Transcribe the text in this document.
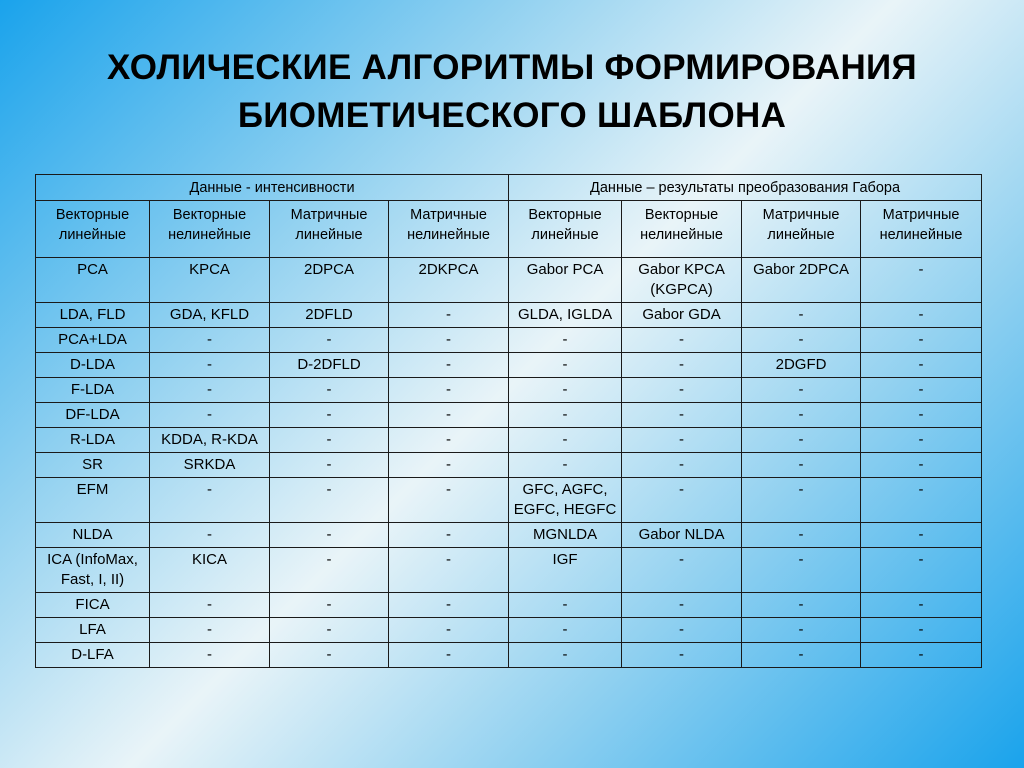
ХОЛИЧЕСКИЕ АЛГОРИТМЫ ФОРМИРОВАНИЯ
БИОМЕТИЧЕСКОГО ШАБЛОНА
Данные - интенсивности				Данные – результаты преобразования Габора			
Векторные линейные	Векторные нелинейные	Матричные линейные	Матричные нелинейные	Векторные линейные	Векторные нелинейные	Матричные линейные	Матричные нелинейные
PCA	KPCA	2DPCA	2DKPCA	Gabor PCA	Gabor KPCA (KGPCA)	Gabor 2DPCA	-
LDA, FLD	GDA, KFLD	2DFLD	-	GLDA, IGLDA	Gabor GDA	-	-
PCA+LDA	-	-	-	-	-	-	-
D-LDA	-	D-2DFLD	-	-	-	2DGFD	-
F-LDA	-	-	-	-	-	-	-
DF-LDA	-	-	-	-	-	-	-
R-LDA	KDDA, R-KDA	-	-	-	-	-	-
SR	SRKDA	-	-	-	-	-	-
EFM	-	-	-	GFC, AGFC, EGFC, HEGFC	-	-	-
NLDA	-	-	-	MGNLDA	Gabor NLDA	-	-
ICA (InfoMax, Fast, I, II)	KICA	-	-	IGF	-	-	-
FICA	-	-	-	-	-	-	-
LFA	-	-	-	-	-	-	-
D-LFA	-	-	-	-	-	-	-
